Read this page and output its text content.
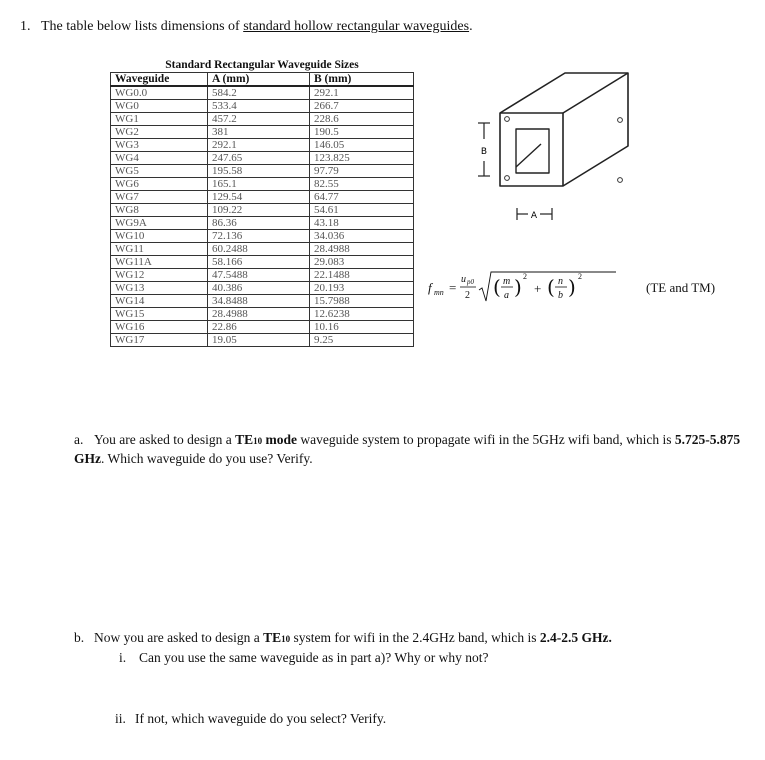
1. The table below lists dimensions of standard hollow rectangular waveguides.
Standard Rectangular Waveguide Sizes
Waveguide	A (mm)	B (mm)
WG0.0	584.2	292.1
WG0	533.4	266.7
WG1	457.2	228.6
WG2	381	190.5
WG3	292.1	146.05
WG4	247.65	123.825
WG5	195.58	97.79
WG6	165.1	82.55
WG7	129.54	64.77
WG8	109.22	54.61
WG9A	86.36	43.18
WG10	72.136	34.036
WG11	60.2488	28.4988
WG11A	58.166	29.083
WG12	47.5488	22.1488
WG13	40.386	20.193
WG14	34.8488	15.7988
WG15	28.4988	12.6238
WG16	22.86	10.16
WG17	19.05	9.25
B
A
f mn =
u p0
2 ( m
a ) 2
+ ( n
b ) 2
(TE and TM)
a. You are asked to design a TE10 mode waveguide system to propagate wifi in the 5GHz wifi band, which is 5.725-5.875 GHz. Which waveguide do you use? Verify.
b. Now you are asked to design a TE10 system for wifi in the 2.4GHz band, which is 2.4-2.5 GHz.
i. Can you use the same waveguide as in part a)? Why or why not?
ii. If not, which waveguide do you select? Verify.
